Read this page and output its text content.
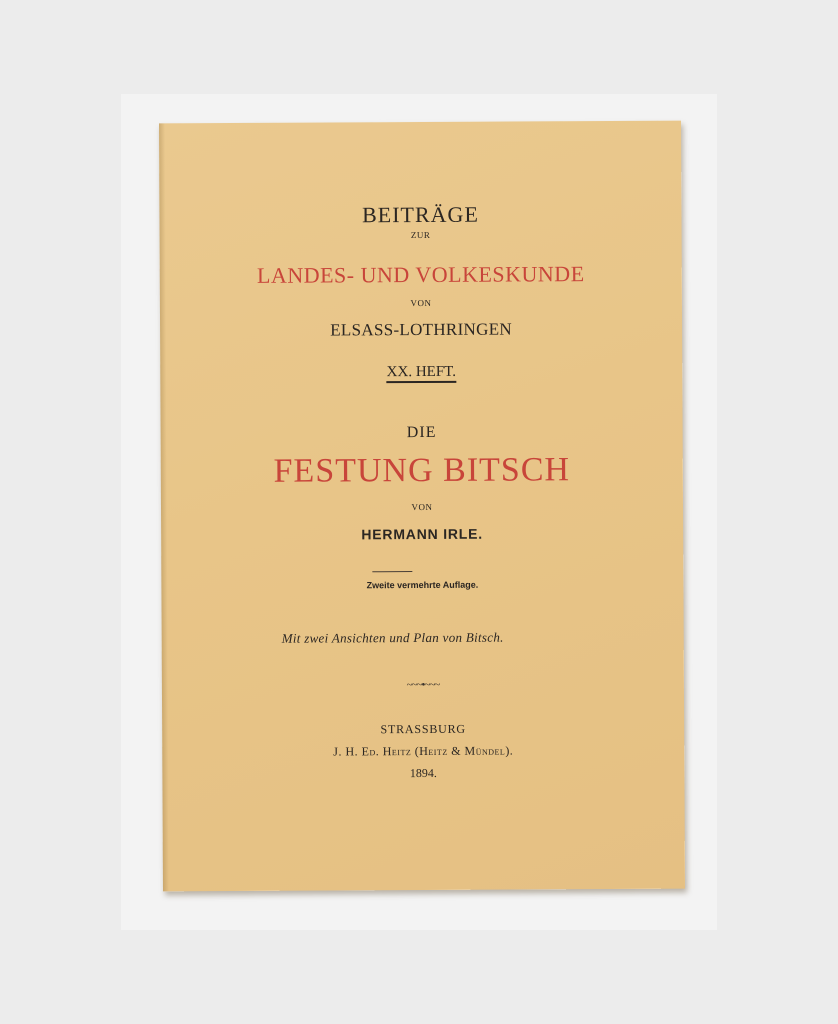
BEITRÄGE
ZUR
LANDES- UND VOLKESKUNDE
VON
ELSASS-LOTHRINGEN
XX. HEFT.
DIE
FESTUNG BITSCH
VON
HERMANN IRLE.
Zweite vermehrte Auflage.
Mit zwei Ansichten und Plan von Bitsch.
~~~•~~~
STRASSBURG
J. H. Ed. Heitz (Heitz & Mündel).
1894.
